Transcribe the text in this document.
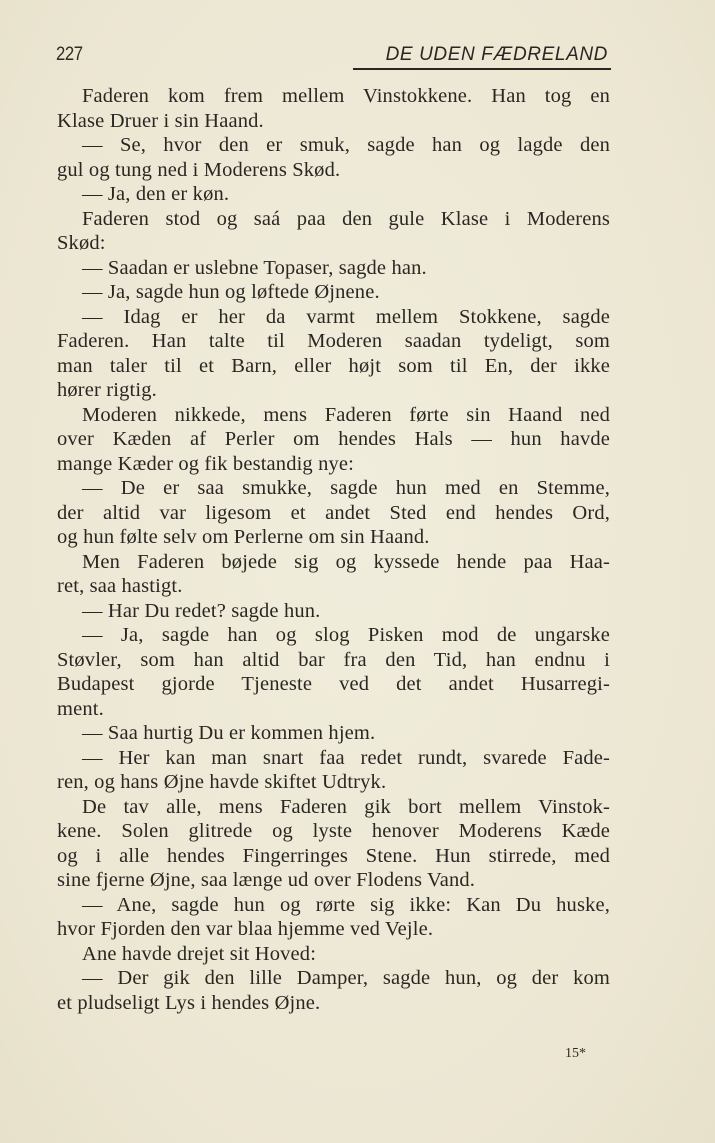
227	DE UDEN FÆDRELAND
Faderen kom frem mellem Vinstokkene. Han tog en
Klase Druer i sin Haand.
— Se, hvor den er smuk, sagde han og lagde den
gul og tung ned i Moderens Skød.
— Ja, den er køn.
Faderen stod og saá paa den gule Klase i Moderens
Skød:
— Saadan er uslebne Topaser, sagde han.
— Ja, sagde hun og løftede Øjnene.
— Idag er her da varmt mellem Stokkene, sagde
Faderen. Han talte til Moderen saadan tydeligt, som
man taler til et Barn, eller højt som til En, der ikke
hører rigtig.
Moderen nikkede, mens Faderen førte sin Haand ned
over Kæden af Perler om hendes Hals — hun havde
mange Kæder og fik bestandig nye:
— De er saa smukke, sagde hun med en Stemme,
der altid var ligesom et andet Sted end hendes Ord,
og hun følte selv om Perlerne om sin Haand.
Men Faderen bøjede sig og kyssede hende paa Haa-
ret, saa hastigt.
— Har Du redet? sagde hun.
— Ja, sagde han og slog Pisken mod de ungarske
Støvler, som han altid bar fra den Tid, han endnu i
Budapest gjorde Tjeneste ved det andet Husarregi-
ment.
— Saa hurtig Du er kommen hjem.
— Her kan man snart faa redet rundt, svarede Fade-
ren, og hans Øjne havde skiftet Udtryk.
De tav alle, mens Faderen gik bort mellem Vinstok-
kene. Solen glitrede og lyste henover Moderens Kæde
og i alle hendes Fingerringes Stene. Hun stirrede, med
sine fjerne Øjne, saa længe ud over Flodens Vand.
— Ane, sagde hun og rørte sig ikke: Kan Du huske,
hvor Fjorden den var blaa hjemme ved Vejle.
Ane havde drejet sit Hoved:
— Der gik den lille Damper, sagde hun, og der kom
et pludseligt Lys i hendes Øjne.
15*
